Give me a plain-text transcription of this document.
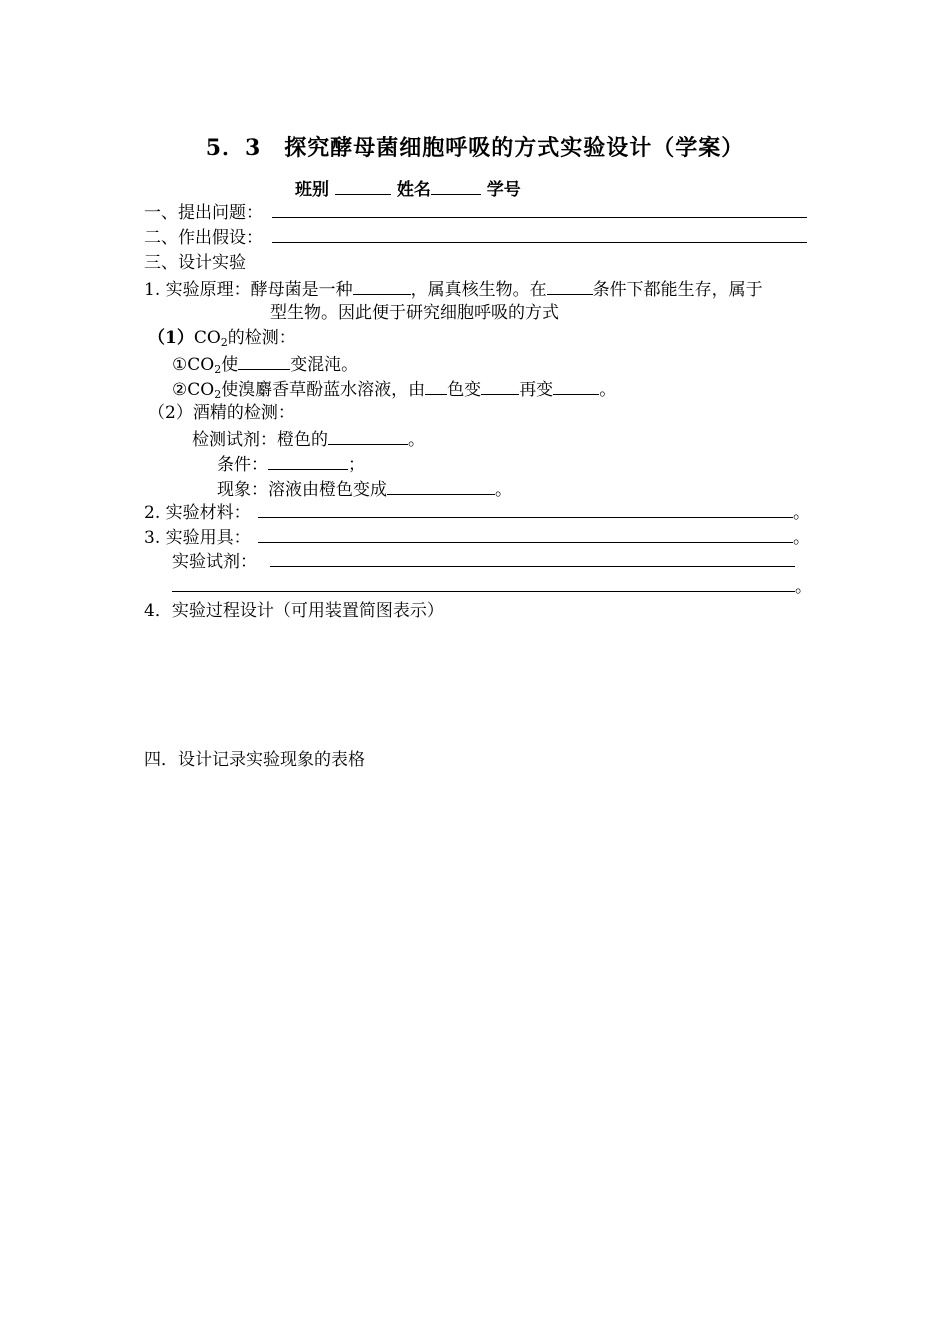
5．3　探究酵母菌细胞呼吸的方式实验设计（学案）
班别	姓名	学号
一、提出问题：
二、作出假设：
三、设计实验
1. 实验原理：酵母菌是一种	，属真核生物。在	条件下都能生存，属于
型生物。因此便于研究细胞呼吸的方式
$(1)CO_2$的检测：
$①CO_2$使	变混沌。
$②CO_2$使溴麝香草酚蓝水溶液，由 色变 再变	。
（2）酒精的检测：
检测试剂：橙色的	。
条件：	；
现象：溶液由橙色变成	。
2. 实验材料：	。
3. 实验用具：	。
实验试剂：
。
4．实验过程设计（可用装置简图表示）
四．设计记录实验现象的表格
